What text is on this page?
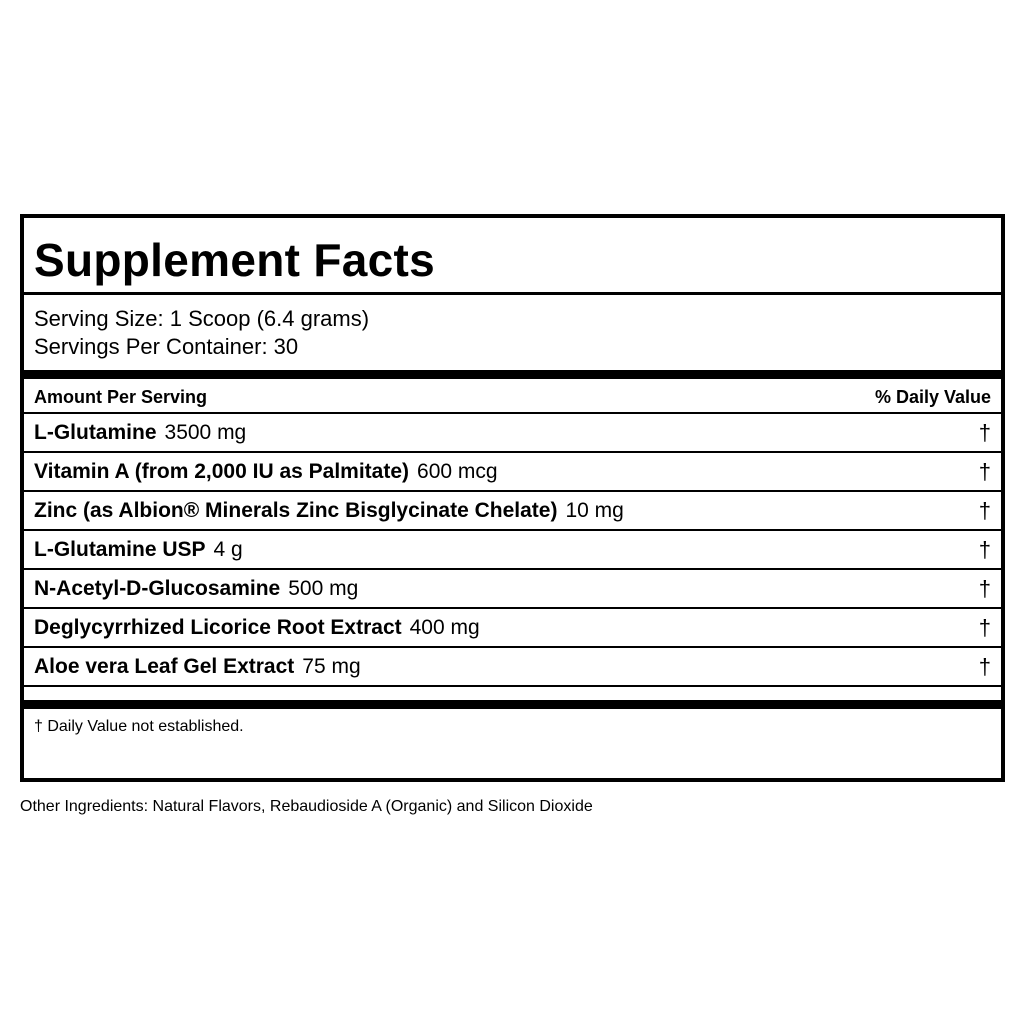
Supplement Facts
Serving Size: 1 Scoop (6.4 grams)
Servings Per Container: 30
Amount Per Serving	% Daily Value
L-Glutamine 3500 mg	†
Vitamin A (from 2,000 IU as Palmitate) 600 mcg	†
Zinc (as Albion® Minerals Zinc Bisglycinate Chelate) 10 mg	†
L-Glutamine USP 4 g	†
N-Acetyl-D-Glucosamine 500 mg	†
Deglycyrrhized Licorice Root Extract 400 mg	†
Aloe vera Leaf Gel Extract 75 mg	†
† Daily Value not established.
Other Ingredients: Natural Flavors, Rebaudioside A (Organic) and Silicon Dioxide
